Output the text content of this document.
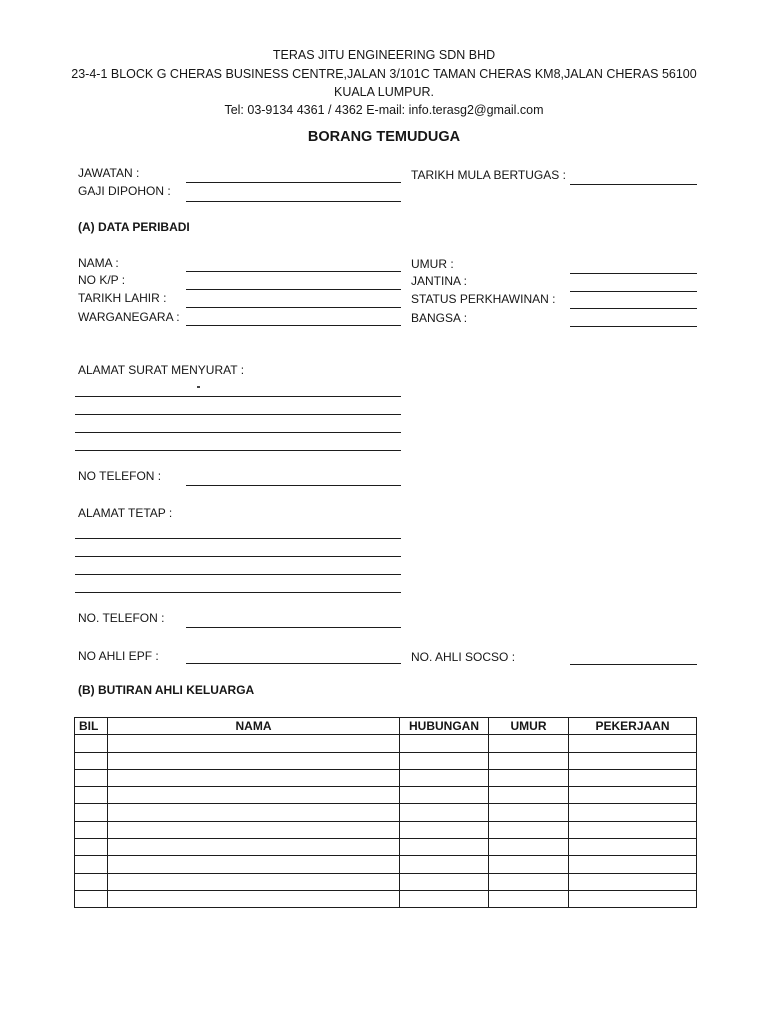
TERAS JITU ENGINEERING SDN BHD
23-4-1 BLOCK G CHERAS BUSINESS CENTRE,JALAN 3/101C TAMAN CHERAS KM8,JALAN CHERAS 56100
KUALA LUMPUR.
Tel: 03-9134 4361 / 4362 E-mail: info.terasg2@gmail.com
BORANG TEMUDUGA
JAWATAN :
GAJI DIPOHON :
TARIKH MULA BERTUGAS :
(A) DATA PERIBADI
NAMA :
NO K/P :
TARIKH LAHIR :
WARGANEGARA :
UMUR :
JANTINA :
STATUS PERKHAWINAN :
BANGSA :
ALAMAT SURAT MENYURAT :
NO TELEFON :
ALAMAT TETAP :
NO. TELEFON :
NO AHLI EPF :	NO. AHLI SOCSO :
(B) BUTIRAN AHLI KELUARGA
BIL	NAMA	HUBUNGAN	UMUR	PEKERJAAN
